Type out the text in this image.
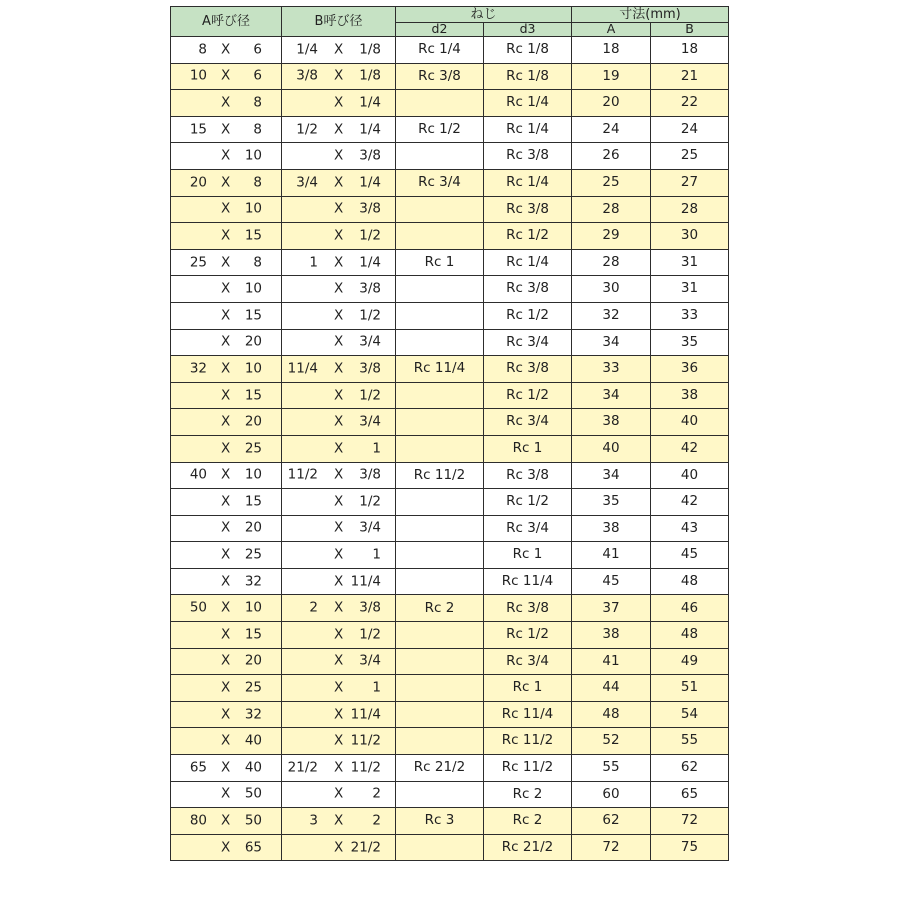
A呼び径	B呼び径	ねじ		寸法(mm)	
		d2	d3	A	B

8 X 6	1/4 X 1/8	Rc 1/4	Rc 1/8	18	18

10 X 6	3/8 X 1/8	Rc 3/8	Rc 1/8	19	21

X 8	X 1/4		Rc 1/4	20	22

15 X 8	1/2 X 1/4	Rc 1/2	Rc 1/4	24	24

X 10	X 3/8		Rc 3/8	26	25

20 X 8	3/4 X 1/4	Rc 3/4	Rc 1/4	25	27

X 10	X 3/8		Rc 3/8	28	28

X 15	X 1/2		Rc 1/2	29	30

25 X 8	1 X 1/4	Rc 1	Rc 1/4	28	31

X 10	X 3/8		Rc 3/8	30	31

X 15	X 1/2		Rc 1/2	32	33

X 20	X 3/4		Rc 3/4	34	35

32 X 10	11/4 X 3/8	Rc 11/4	Rc 3/8	33	36

X 15	X 1/2		Rc 1/2	34	38

X 20	X 3/4		Rc 3/4	38	40

X 25	X 1		Rc 1	40	42

40 X 10	11/2 X 3/8	Rc 11/2	Rc 3/8	34	40

X 15	X 1/2		Rc 1/2	35	42

X 20	X 3/4		Rc 3/4	38	43

X 25	X 1		Rc 1	41	45

X 32	X 11/4		Rc 11/4	45	48

50 X 10	2 X 3/8	Rc 2	Rc 3/8	37	46

X 15	X 1/2		Rc 1/2	38	48

X 20	X 3/4		Rc 3/4	41	49

X 25	X 1		Rc 1	44	51

X 32	X 11/4		Rc 11/4	48	54

X 40	X 11/2		Rc 11/2	52	55

65 X 40	21/2 X 11/2	Rc 21/2	Rc 11/2	55	62

X 50	X 2		Rc 2	60	65

80 X 50	3 X 2	Rc 3	Rc 2	62	72

X 65	X 21/2		Rc 21/2	72	75
